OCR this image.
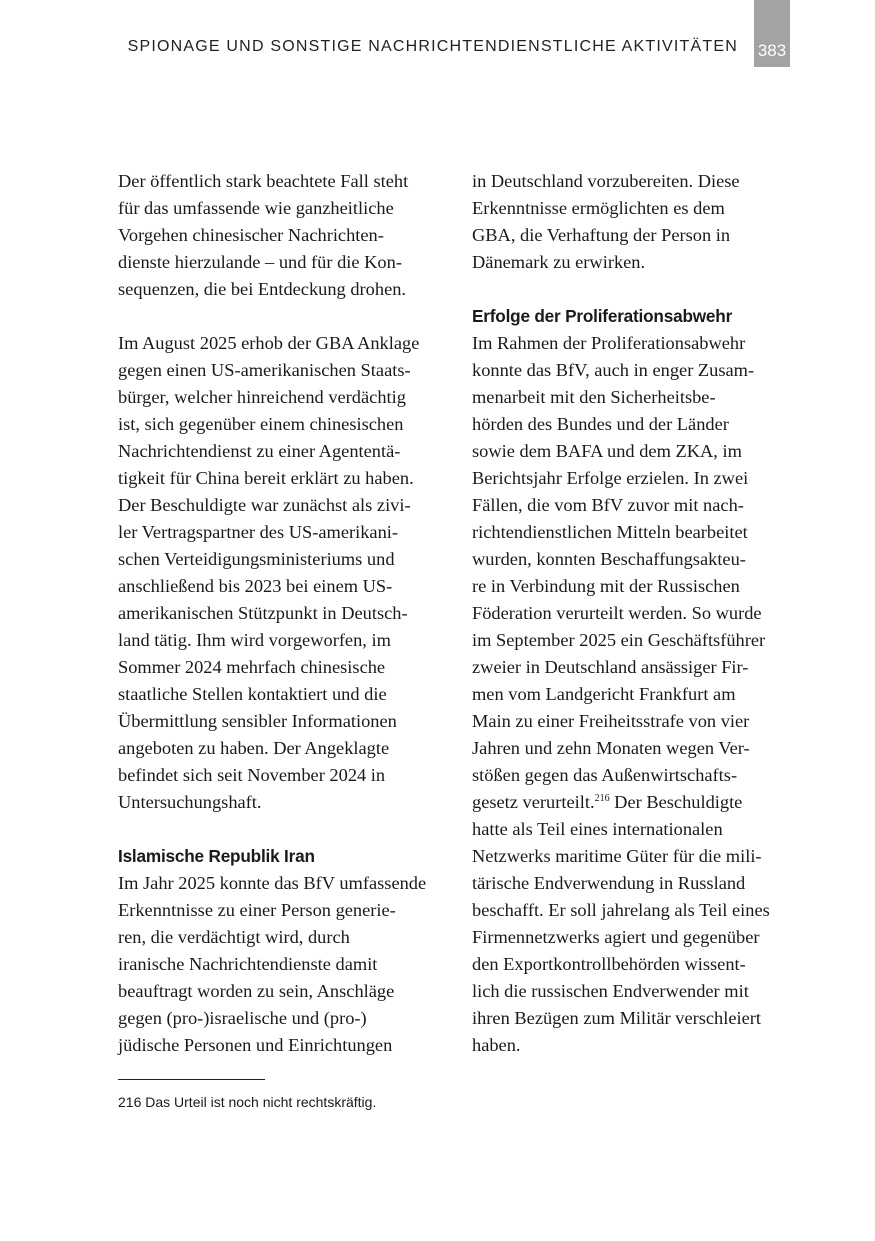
SPIONAGE UND SONSTIGE NACHRICHTENDIENSTLICHE AKTIVITÄTEN 383
Der öffentlich stark beachtete Fall steht
für das umfassende wie ganzheitliche
Vorgehen chinesischer Nachrichten-
dienste hierzulande – und für die Kon-
sequenzen, die bei Entdeckung drohen.
Im August 2025 erhob der GBA Anklage
gegen einen US-amerikanischen Staats-
bürger, welcher hinreichend verdächtig
ist, sich gegenüber einem chinesischen
Nachrichtendienst zu einer Agententä-
tigkeit für China bereit erklärt zu haben.
Der Beschuldigte war zunächst als zivi-
ler Vertragspartner des US-amerikani-
schen Verteidigungsministeriums und
anschließend bis 2023 bei einem US-
amerikanischen Stützpunkt in Deutsch-
land tätig. Ihm wird vorgeworfen, im
Sommer 2024 mehrfach chinesische
staatliche Stellen kontaktiert und die
Übermittlung sensibler Informationen
angeboten zu haben. Der Angeklagte
befindet sich seit November 2024 in
Untersuchungshaft.
Islamische Republik Iran
Im Jahr 2025 konnte das BfV umfassende
Erkenntnisse zu einer Person generie-
ren, die verdächtigt wird, durch
iranische Nachrichtendienste damit
beauftragt worden zu sein, Anschläge
gegen (pro-)israelische und (pro-)
jüdische Personen und Einrichtungen
in Deutschland vorzubereiten. Diese
Erkenntnisse ermöglichten es dem
GBA, die Verhaftung der Person in
Dänemark zu erwirken.
Erfolge der Proliferationsabwehr
Im Rahmen der Proliferationsabwehr
konnte das BfV, auch in enger Zusam-
menarbeit mit den Sicherheitsbe-
hörden des Bundes und der Länder
sowie dem BAFA und dem ZKA, im
Berichtsjahr Erfolge erzielen. In zwei
Fällen, die vom BfV zuvor mit nach-
richtendienstlichen Mitteln bearbeitet
wurden, konnten Beschaffungsakteu-
re in Verbindung mit der Russischen
Föderation verurteilt werden. So wurde
im September 2025 ein Geschäftsführer
zweier in Deutschland ansässiger Fir-
men vom Landgericht Frankfurt am
Main zu einer Freiheitsstrafe von vier
Jahren und zehn Monaten wegen Ver-
stößen gegen das Außenwirtschafts-
gesetz verurteilt.$^{216}$ Der Beschuldigte
hatte als Teil eines internationalen
Netzwerks maritime Güter für die mili-
tärische Endverwendung in Russland
beschafft. Er soll jahrelang als Teil eines
Firmennetzwerks agiert und gegenüber
den Exportkontrollbehörden wissent-
lich die russischen Endverwender mit
ihren Bezügen zum Militär verschleiert
haben.
216 Das Urteil ist noch nicht rechtskräftig.
